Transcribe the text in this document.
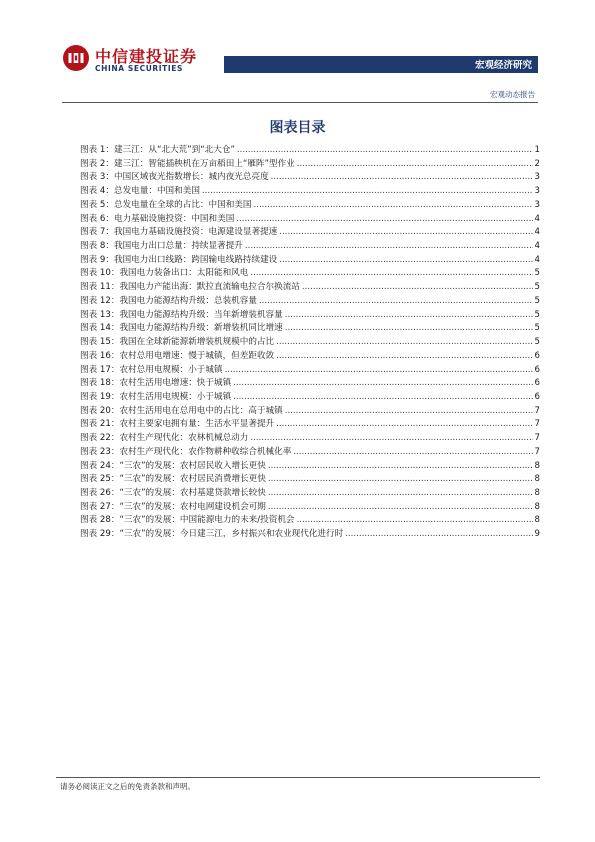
中信建投证券
CHINA SECURITIES	宏观经济研究
宏观动态报告
图表目录
图表 1：建三江：从“北大荒”到“北大仓” .....	1
图表 2：建三江：智能插秧机在万亩稻田上“雁阵”型作业 .....	2
图表 3：中国区域夜光指数增长：城内夜光总亮度 .....	3
图表 4：总发电量：中国和美国 .....	3
图表 5：总发电量在全球的占比：中国和美国 .....	3
图表 6：电力基础设施投资：中国和美国 .....	4
图表 7：我国电力基础设施投资：电源建设显著提速 .....	4
图表 8：我国电力出口总量：持续显著提升 .....	4
图表 9：我国电力出口线路：跨国输电线路持续建设 .....	4
图表 10：我国电力装备出口：太阳能和风电 .....	5
图表 11：我国电力产能出海：默拉直流输电拉合尔换流站 .....	5
图表 12：我国电力能源结构升级：总装机容量 .....	5
图表 13：我国电力能源结构升级：当年新增装机容量 .....	5
图表 14：我国电力能源结构升级：新增装机同比增速 .....	5
图表 15：我国在全球新能源新增装机规模中的占比 .....	5
图表 16：农村总用电增速：慢于城镇，但差距收敛 .....	6
图表 17：农村总用电规模：小于城镇 .....	6
图表 18：农村生活用电增速：快于城镇 .....	6
图表 19：农村生活用电规模：小于城镇 .....	6
图表 20：农村生活用电在总用电中的占比：高于城镇 .....	7
图表 21：农村主要家电拥有量：生活水平显著提升 .....	7
图表 22：农村生产现代化：农林机械总动力 .....	7
图表 23：农村生产现代化：农作物耕种收综合机械化率 .....	7
图表 24：“三农”的发展：农村居民收入增长更快 .....	8
图表 25：“三农”的发展：农村居民消费增长更快 .....	8
图表 26：“三农”的发展：农村基建贷款增长较快 .....	8
图表 27：“三农”的发展：农村电网建设机会可期 .....	8
图表 28：“三农”的发展：中国能源电力的未来/投资机会 .....	8
图表 29：“三农”的发展：今日建三江，乡村振兴和农业现代化进行时 .....	9
请务必阅读正文之后的免责条款和声明。
